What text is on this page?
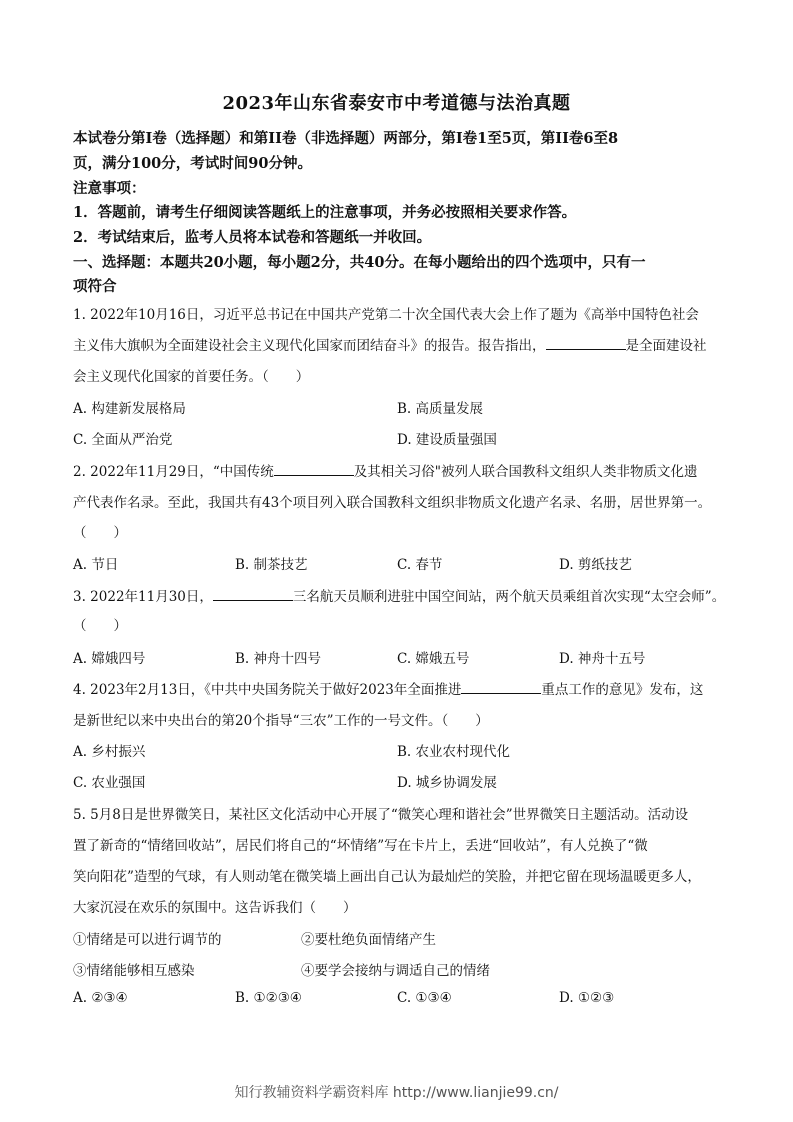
2023年山东省泰安市中考道德与法治真题
本试卷分第Ⅰ卷（选择题）和第II卷（非选择题）两部分，第I卷1至5页，第II卷6至8
页，满分100分，考试时间90分钟。
注意事项：
1．答题前，请考生仔细阅读答题纸上的注意事项，并务必按照相关要求作答。
2．考试结束后，监考人员将本试卷和答题纸一并收回。
一、选择题：本题共20小题，每小题2分，共40分。在每小题给出的四个选项中，只有一
项符合
1. 2022年10月16日，习近平总书记在中国共产党第二十次全国代表大会上作了题为《高举中国特色社会
主义伟大旗帜为全面建设社会主义现代化国家而团结奋斗》的报告。报告指出，	是全面建设社
会主义现代化国家的首要任务。（　　）
A. 构建新发展格局	B. 高质量发展
C. 全面从严治党	D. 建设质量强国
2. 2022年11月29日，“中国传统	及其相关习俗"被列人联合国教科文组织人类非物质文化遗
产代表作名录。至此，我国共有43个项目列入联合国教科文组织非物质文化遗产名录、名册，居世界第一。
（　　）
A. 节日	B. 制茶技艺	C. 春节	D. 剪纸技艺
3. 2022年11月30日，	三名航天员顺利进驻中国空间站，两个航天员乘组首次实现“太空会师”。
（　　）
A. 嫦娥四号	B. 神舟十四号	C. 嫦娥五号	D. 神舟十五号
4. 2023年2月13日，《中共中央国务院关于做好2023年全面推进	重点工作的意见》发布，这
是新世纪以来中央出台的第20个指导“三农”工作的一号文件。（　　）
A. 乡村振兴	B. 农业农村现代化
C. 农业强国	D. 城乡协调发展
5. 5月8日是世界微笑日，某社区文化活动中心开展了“微笑心理和谐社会”世界微笑日主题活动。活动设
置了新奇的“情绪回收站”，居民们将自己的“坏情绪”写在卡片上，丢进“回收站”，有人兑换了“微
笑向阳花”造型的气球，有人则动笔在微笑墙上画出自己认为最灿烂的笑脸，并把它留在现场温暖更多人，
大家沉浸在欢乐的氛围中。这告诉我们（　　）
①情绪是可以进行调节的	②要杜绝负面情绪产生
③情绪能够相互感染	④要学会接纳与调适自己的情绪
A. ②③④	B. ①②③④	C. ①③④	D. ①②③
知行教辅资料学霸资料库 http://www.lianjie99.cn/
